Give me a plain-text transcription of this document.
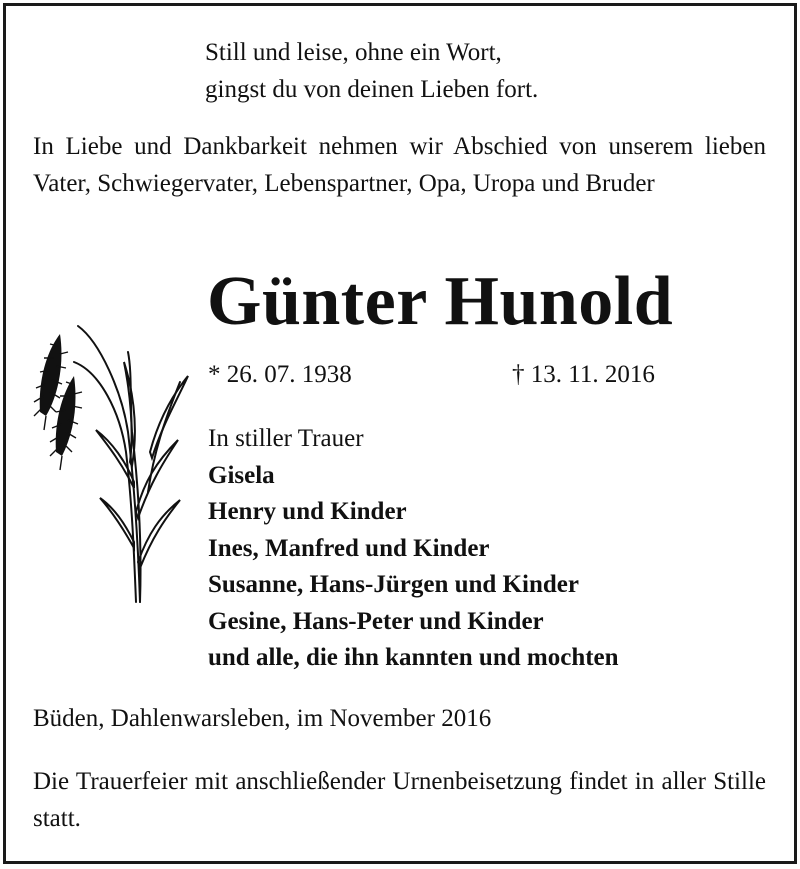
Still und leise, ohne ein Wort,
gingst du von deinen Lieben fort.
In Liebe und Dankbarkeit nehmen wir Abschied von unserem lieben Vater, Schwiegervater, Lebenspartner, Opa, Uropa und Bruder
Günter Hunold
* 26. 07. 1938	† 13. 11. 2016
In stiller Trauer
Gisela
Henry und Kinder
Ines, Manfred und Kinder
Susanne, Hans-Jürgen und Kinder
Gesine, Hans-Peter und Kinder
und alle, die ihn kannten und mochten
Büden, Dahlenwarsleben, im November 2016
Die Trauerfeier mit anschließender Urnenbeisetzung findet in aller Stille statt.
